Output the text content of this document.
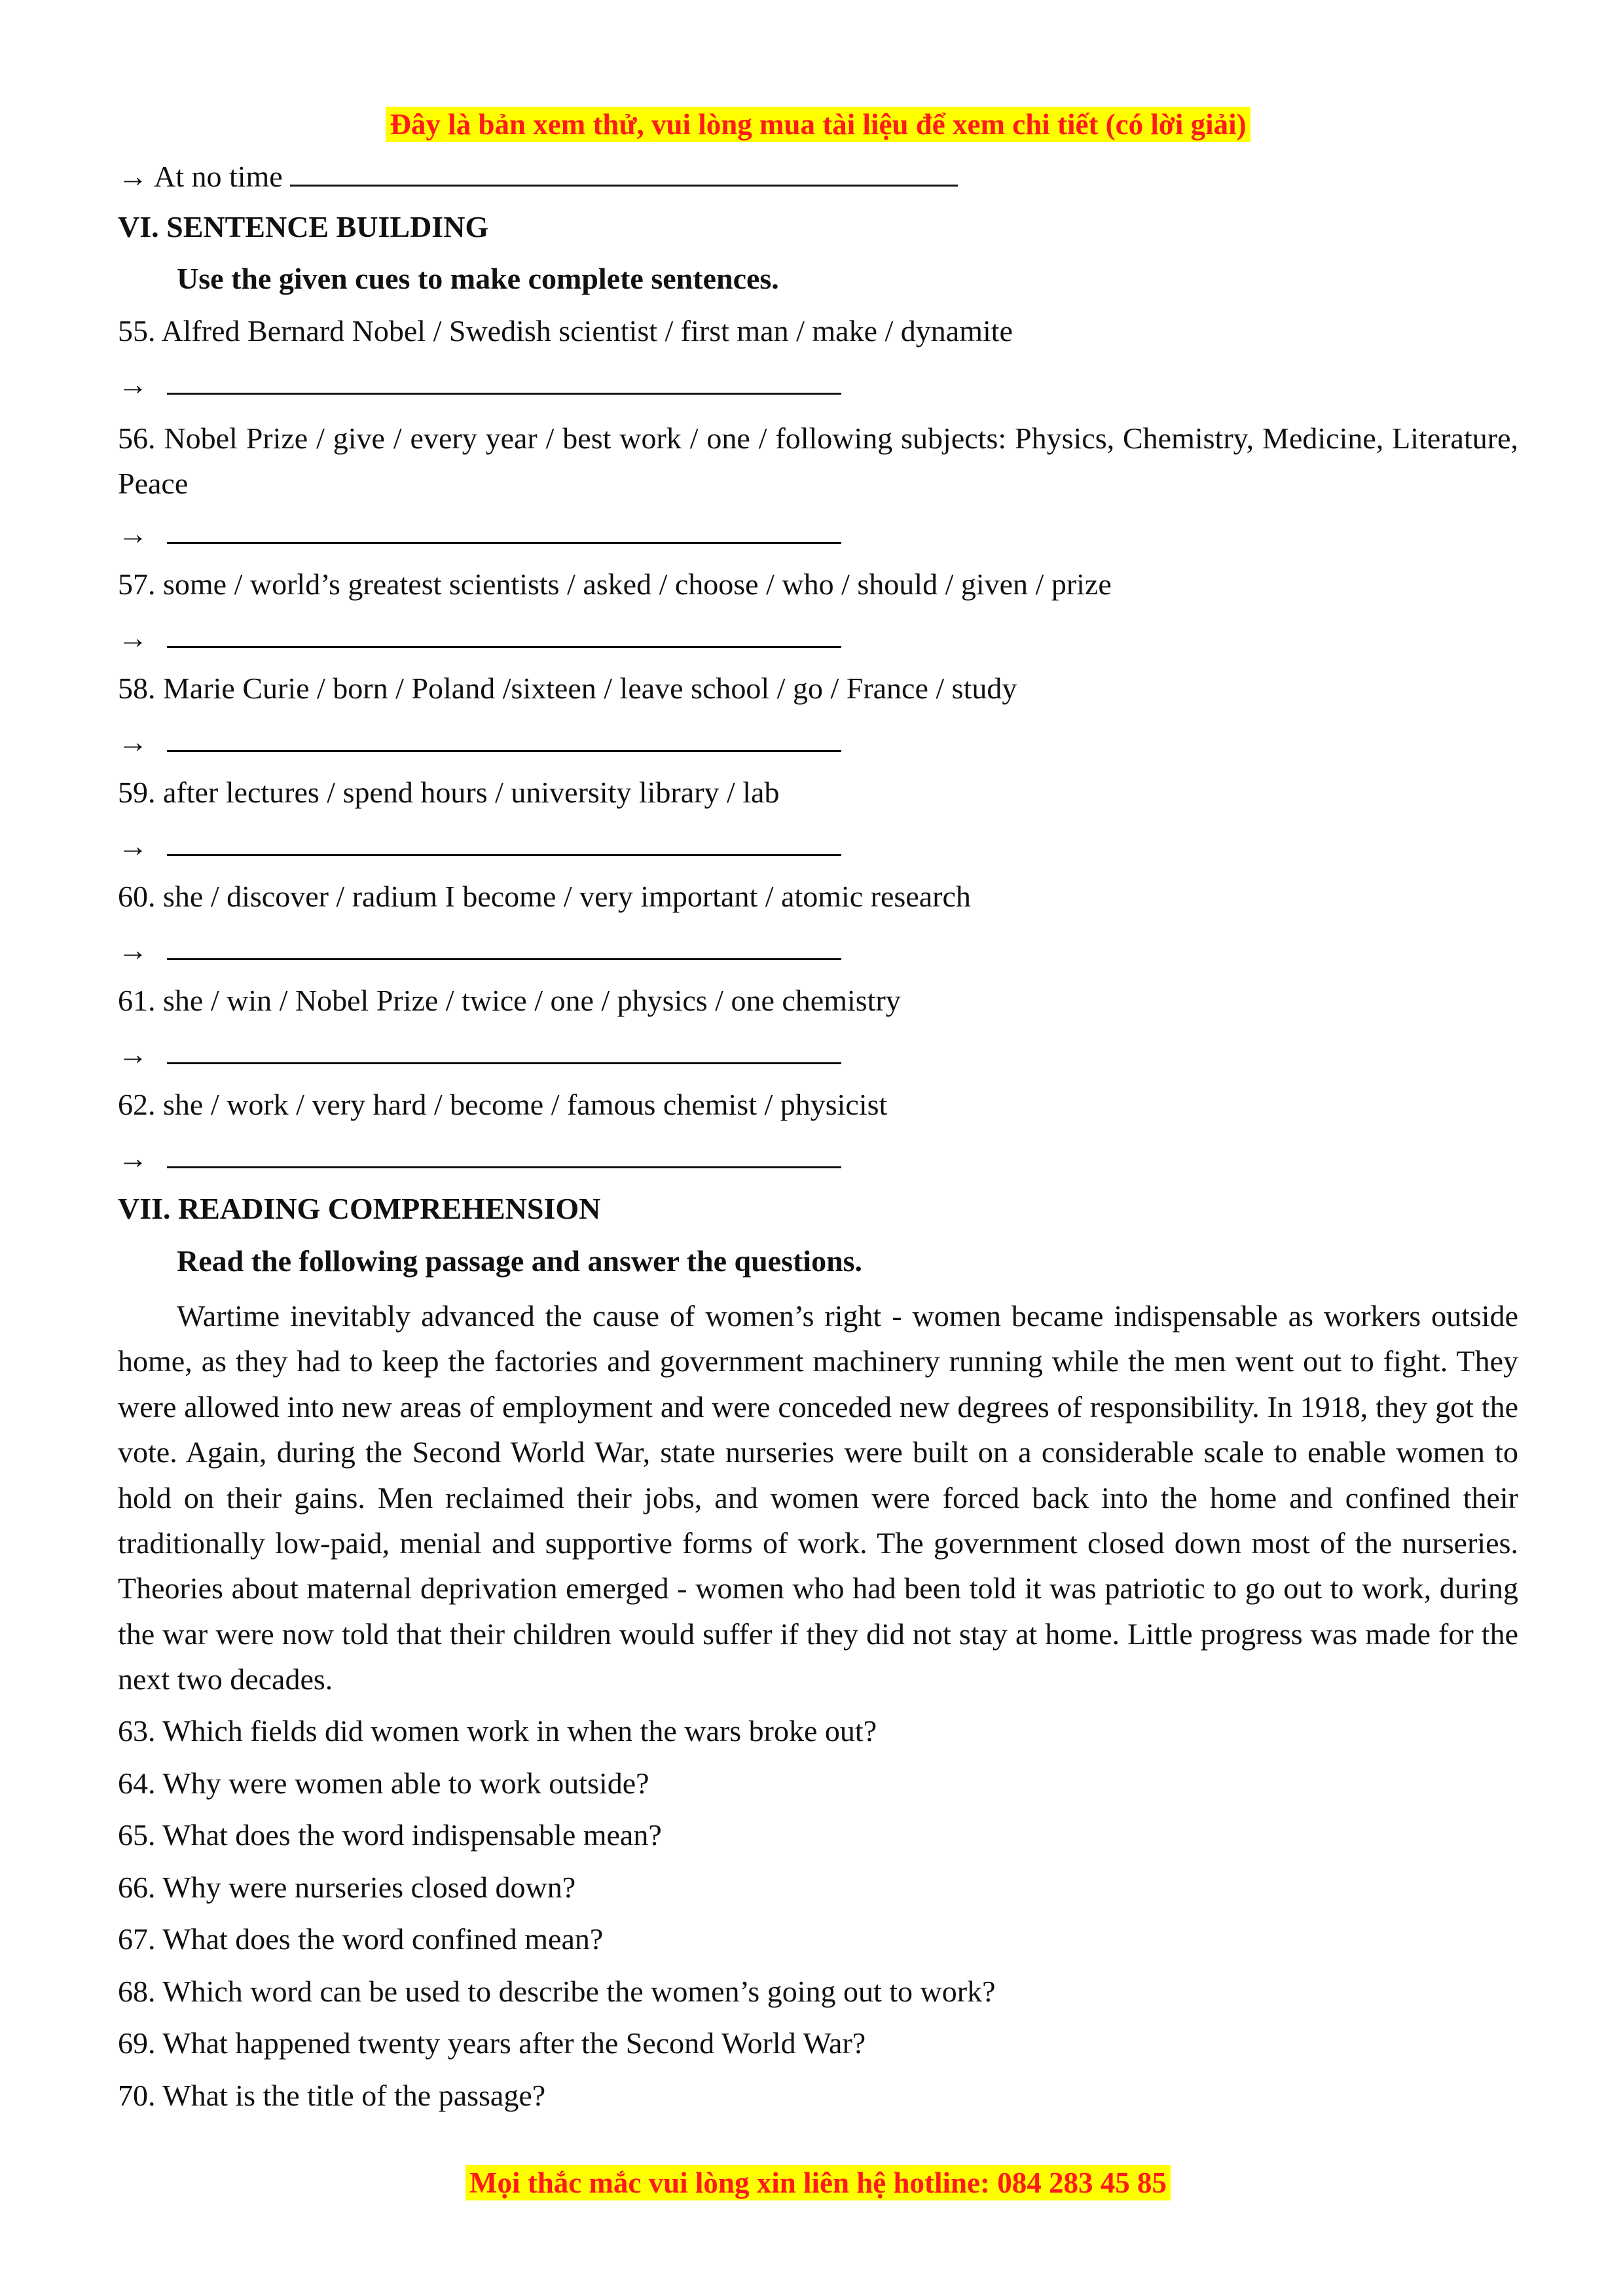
Đây là bản xem thử, vui lòng mua tài liệu để xem chi tiết (có lời giải)
→ At no time
VI. SENTENCE BUILDING
Use the given cues to make complete sentences.
55. Alfred Bernard Nobel / Swedish scientist / first man / make / dynamite
→
56. Nobel Prize / give / every year / best work / one / following subjects: Physics, Chemistry, Medicine, Literature, Peace
→
57. some / world’s greatest scientists / asked / choose / who / should / given / prize
→
58. Marie Curie / born / Poland /sixteen / leave school / go / France / study
→
59. after lectures / spend hours / university library / lab
→
60. she / discover / radium I become / very important / atomic research
→
61. she / win / Nobel Prize / twice / one / physics / one chemistry
→
62. she / work / very hard / become / famous chemist / physicist
→
VII. READING COMPREHENSION
Read the following passage and answer the questions.
Wartime inevitably advanced the cause of women’s right - women became indispensable as workers outside home, as they had to keep the factories and government machinery running while the men went out to fight. They were allowed into new areas of employment and were conceded new degrees of responsibility. In 1918, they got the vote. Again, during the Second World War, state nurseries were built on a considerable scale to enable women to hold on their gains. Men reclaimed their jobs, and women were forced back into the home and confined their traditionally low-paid, menial and supportive forms of work. The government closed down most of the nurseries. Theories about maternal deprivation emerged - women who had been told it was patriotic to go out to work, during the war were now told that their children would suffer if they did not stay at home. Little progress was made for the next two decades.
63. Which fields did women work in when the wars broke out?
64. Why were women able to work outside?
65. What does the word indispensable mean?
66. Why were nurseries closed down?
67. What does the word confined mean?
68. Which word can be used to describe the women’s going out to work?
69. What happened twenty years after the Second World War?
70. What is the title of the passage?
Mọi thắc mắc vui lòng xin liên hệ hotline: 084 283 45 85
